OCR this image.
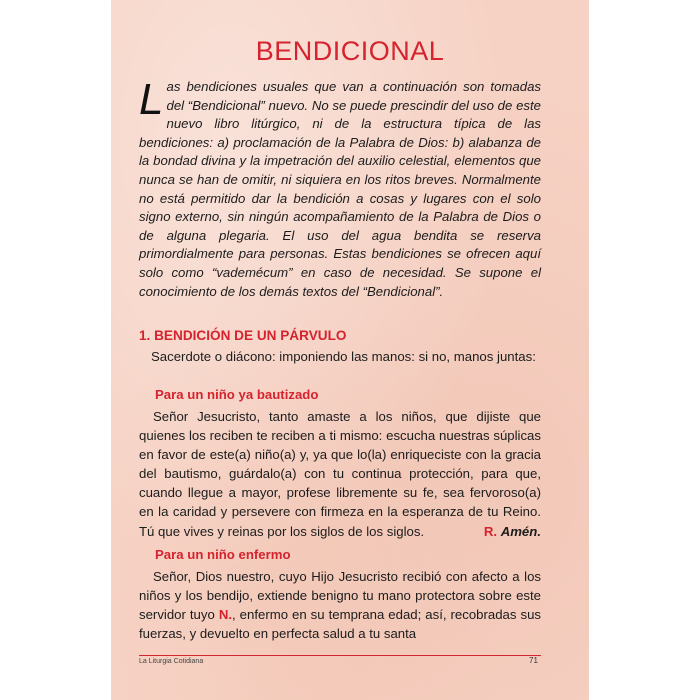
BENDICIONAL

Las bendiciones usuales que van a continuación son tomadas del “Bendicional” nuevo. No se puede prescindir del uso de este nuevo libro litúrgico, ni de la estructura típica de las bendiciones: a) proclamación de la Palabra de Dios: b) alabanza de la bondad divina y la impetración del auxilio celestial, elementos que nunca se han de omitir, ni siquiera en los ritos breves. Normalmente no está permitido dar la bendición a cosas y lugares con el solo signo externo, sin ningún acompañamiento de la Palabra de Dios o de alguna plegaria. El uso del agua bendita se reserva primordialmente para personas. Estas bendiciones se ofrecen aquí solo como “vademécum” en caso de necesidad. Se supone el conocimiento de los demás textos del “Bendicional”.

1. BENDICIÓN DE UN PÁRVULO

Sacerdote o diácono: imponiendo las manos: si no, manos juntas:

Para un niño ya bautizado

Señor Jesucristo, tanto amaste a los niños, que dijiste que quienes los reciben te reciben a ti mismo: escucha nuestras súplicas en favor de este(a) niño(a) y, ya que lo(la) enriqueciste con la gracia del bautismo, guárdalo(a) con tu continua protección, para que, cuando llegue a mayor, profese libremente su fe, sea fervoroso(a) en la caridad y persevere con firmeza en la esperanza de tu Reino. Tú que vives y reinas por los siglos de los siglos.	R. Amén.

Para un niño enfermo

Señor, Dios nuestro, cuyo Hijo Jesucristo recibió con afecto a los niños y los bendijo, extiende benigno tu mano protectora sobre este servidor tuyo N., enfermo en su temprana edad; así, recobradas sus fuerzas, y devuelto en perfecta salud a tu santa

La Liturgia Cotidiana	71
